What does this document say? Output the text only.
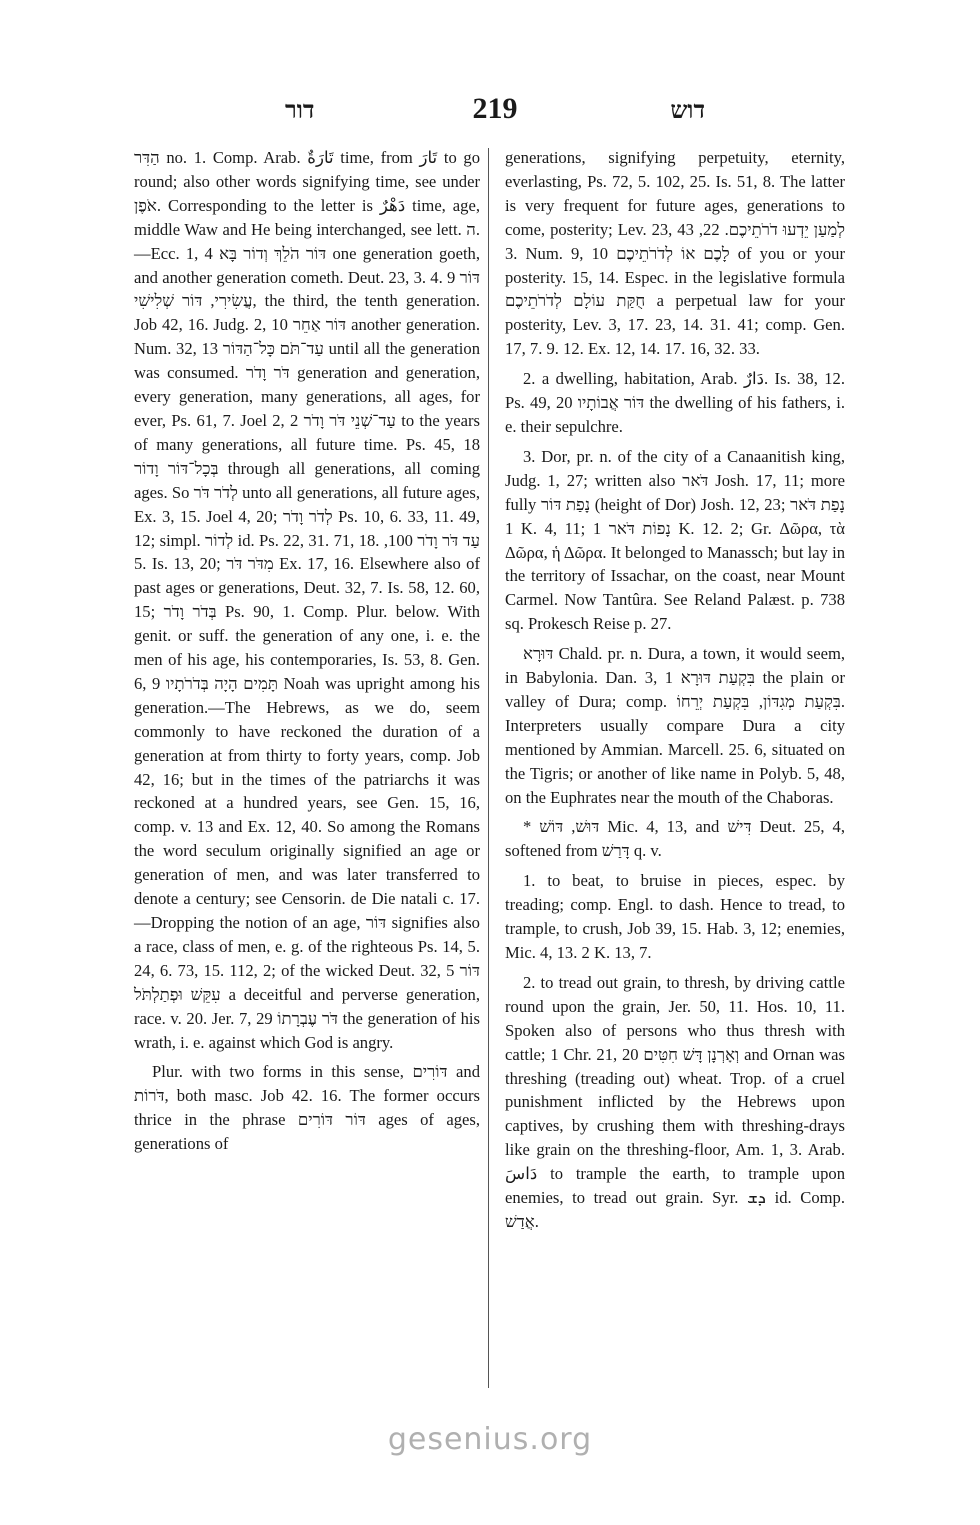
דור	219	דוש

הַדִּר no. 1. Comp. Arab. تَارَةٌ time, from تَارَ to go round; also other words signifying time, see under אֹפֶן. Corresponding to the letter is دَهْرٌ time, age, middle Waw and He being interchanged, see lett. ה.—Ecc. 1, 4 דּוֹר הֹלֵךְ וְדוֹר בָּא one generation goeth, and another generation cometh. Deut. 23, 3. 4. 9 דּוֹר עֲשִׂירִי, דּוֹר שְׁלִישִׁי, the third, the tenth generation. Job 42, 16. Judg. 2, 10 דּוֹר אַחֵר another generation. Num. 32, 13 עַד־תֹּם כָּל־הַדּוֹר until all the generation was consumed. דֹּר וָדֹר generation and generation, every generation, many generations, all ages, for ever, Ps. 61, 7. Joel 2, 2 עַד־שְׁנֵי דֹּר וָדֹר to the years of many generations, all future time. Ps. 45, 18 בְּכָל־דּוֹר וָדוֹר through all generations, all coming ages. So לְדֹר דֹּר unto all generations, all future ages, Ex. 3, 15. Joel 4, 20; לְדֹר וָדֹר Ps. 10, 6. 33, 11. 49, 12; simpl. לְדוֹר id. Ps. 22, 31. 71, 18. עַד דֹּר וָדֹר 100, 5. Is. 13, 20; מִדֹּר דֹּר Ex. 17, 16. Elsewhere also of past ages or generations, Deut. 32, 7. Is. 58, 12. 60, 15; בְּדֹר וָדֹר Ps. 90, 1. Comp. Plur. below. With genit. or suff. the generation of any one, i. e. the men of his age, his contemporaries, Is. 53, 8. Gen. 6, 9 תָּמִים הָיָה בְּדֹרֹתָיו Noah was upright among his generation.—The Hebrews, as we do, seem commonly to have reckoned the duration of a generation at from thirty to forty years, comp. Job 42, 16; but in the times of the patriarchs it was reckoned at a hundred years, see Gen. 15, 16, comp. v. 13 and Ex. 12, 40. So among the Romans the word seculum originally signified an age or generation of men, and was later transferred to denote a century; see Censorin. de Die natali c. 17.—Dropping the notion of an age, דּוֹר signifies also a race, class of men, e. g. of the righteous Ps. 14, 5. 24, 6. 73, 15. 112, 2; of the wicked Deut. 32, 5 דּוֹר עִקֵּשׁ וּפְתַלְתֹּל a deceitful and perverse generation, race. v. 20. Jer. 7, 29 דֹּר עֶבְרָתוֹ the generation of his wrath, i. e. against which God is angry.

Plur. with two forms in this sense, דּוֹרִים and דֹּרוֹת, both masc. Job 42. 16. The former occurs thrice in the phrase דּוֹר דּוֹרִים ages of ages, generations of

generations, signifying perpetuity, eternity, everlasting, Ps. 72, 5. 102, 25. Is. 51, 8. The latter is very frequent for future ages, generations to come, posterity; Lev. 23, 43 לְמַעַן יֵדְעוּ דֹרֹתֵיכֶם. 22, 3. Num. 9, 10 לָכֶם אוֹ לְדֹרֹתֵיכֶם of you or your posterity. 15, 14. Espec. in the legislative formula חֻקַּת עוֹלָם לְדֹרֹתֵיכֶם a perpetual law for your posterity, Lev. 3, 17. 23, 14. 31. 41; comp. Gen. 17, 7. 9. 12. Ex. 12, 14. 17. 16, 32. 33.

2. a dwelling, habitation, Arab. دَارٌ. Is. 38, 12. Ps. 49, 20 דּוֹר אֲבוֹתָיו the dwelling of his fathers, i. e. their sepulchre.

3. Dor, pr. n. of the city of a Canaanitish king, Judg. 1, 27; written also דֹּאר Josh. 17, 11; more fully נָפַת דּוֹר (height of Dor) Josh. 12, 23; נָפַת דֹּאר 1 K. 4, 11; נָפוֹת דֹּאר 1 K. 12. 2; Gr. Δῶρα, τὰ Δῶρα, ἡ Δῶρα. It belonged to Manassch; but lay in the territory of Issachar, on the coast, near Mount Carmel. Now Tantûra. See Reland Palæst. p. 738 sq. Prokesch Reise p. 27.

דּוּרָא Chald. pr. n. Dura, a town, it would seem, in Babylonia. Dan. 3, 1 בִּקְעַת דּוּרָא the plain or valley of Dura; comp. בִּקְעַת מְגִדּוֹן, בִּקְעַת יְרֵחוֹ. Interpreters usually compare Dura a city mentioned by Ammian. Marcell. 25. 6, situated on the Tigris; or another of like name in Polyb. 5, 48, on the Euphrates near the mouth of the Chaboras.

* דּוּשׁ, דּוֹשׁ Mic. 4, 13, and דִּישׁ Deut. 25, 4, softened from דָּרַשׁ q. v.

1. to beat, to bruise in pieces, espec. by treading; comp. Engl. to dash. Hence to tread, to trample, to crush, Job 39, 15. Hab. 3, 12; enemies, Mic. 4, 13. 2 K. 13, 7.

2. to tread out grain, to thresh, by driving cattle round upon the grain, Jer. 50, 11. Hos. 10, 11. Spoken also of persons who thus thresh with cattle; 1 Chr. 21, 20 וְאָרְנָן דָּשׁ חִטִּים and Ornan was threshing (treading out) wheat. Trop. of a cruel punishment inflicted by the Hebrews upon captives, by crushing them with threshing-drays like grain on the threshing-floor, Am. 1, 3. Arab. دَاسَ to trample the earth, to trample upon enemies, to tread out grain. Syr. ܕܫ id. Comp. אֲדַשׁ.

gesenius.org
